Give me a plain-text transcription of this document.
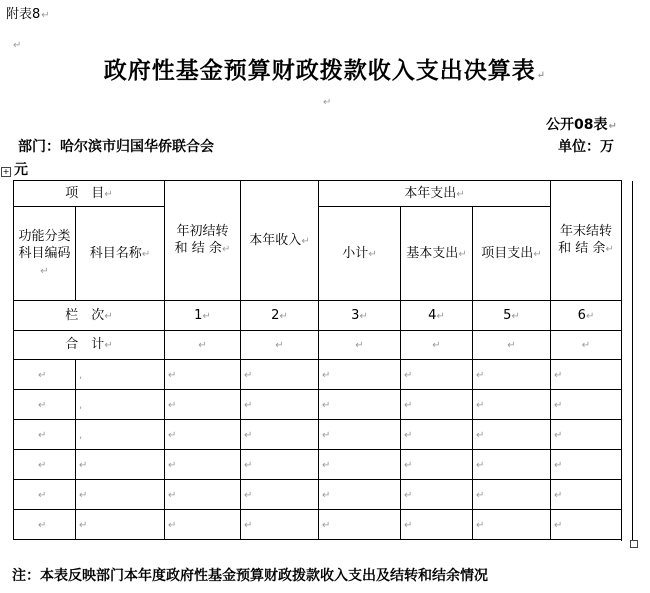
附表8↵
↵
政府性基金预算财政拨款收入支出决算表↵
↵
公开08表↵
部门：哈尔滨市归国华侨联合会	单位：万
元
+
项　目↵		年初结转和 结 余↵	本年收入↵	本年支出↵			年末结转和 结 余↵

功能分类科目编码↵	科目名称↵			小计↵	基本支出↵	项目支出↵	
栏　次↵		1↵	2↵	3↵	4↵	5↵	6↵
合　计↵		↵	↵	↵	↵	↵	↵
↵	,	↵	↵	↵	↵	↵	↵
↵	,	↵	↵	↵	↵	↵	↵
↵	,	↵	↵	↵	↵	↵	↵
↵	↵	↵	↵	↵	↵	↵	↵
↵	↵	↵	↵	↵	↵	↵	↵
↵	↵	↵	↵	↵	↵	↵	↵
注：本表反映部门本年度政府性基金预算财政拨款收入支出及结转和结余情况
